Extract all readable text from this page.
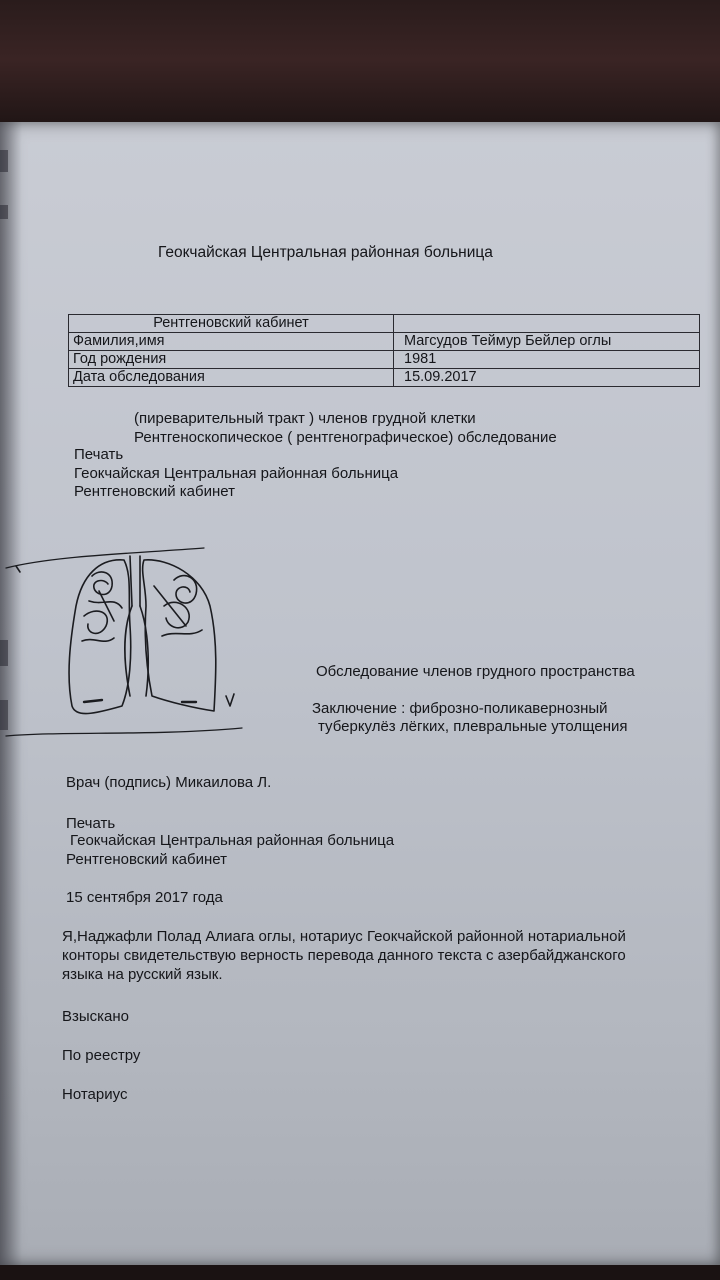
Геокчайская Центральная районная больница
Рентгеновский кабинет	
Фамилия,имя	Магсудов Теймур Бейлер оглы
Год рождения	1981
Дата обследования	15.09.2017
(пиреварительный тракт ) членов грудной клетки
Рентгеноскопическое ( рентгенографическое) обследование
Печать
Геокчайская Центральная районная больница
Рентгеновский кабинет
Обследование членов грудного пространства
Заключение : фиброзно-поликавернозный
туберкулёз лёгких, плевральные утолщения
Врач (подпись) Микаилова Л.
Печать
Геокчайская Центральная районная больница
Рентгеновский кабинет
15 сентября 2017 года
Я,Наджафли Полад Алиага оглы, нотариус Геокчайской районной нотариальной
конторы свидетельствую верность перевода данного текста с азербайджанского
языка на русский язык.
Взыскано
По реестру
Нотариус
